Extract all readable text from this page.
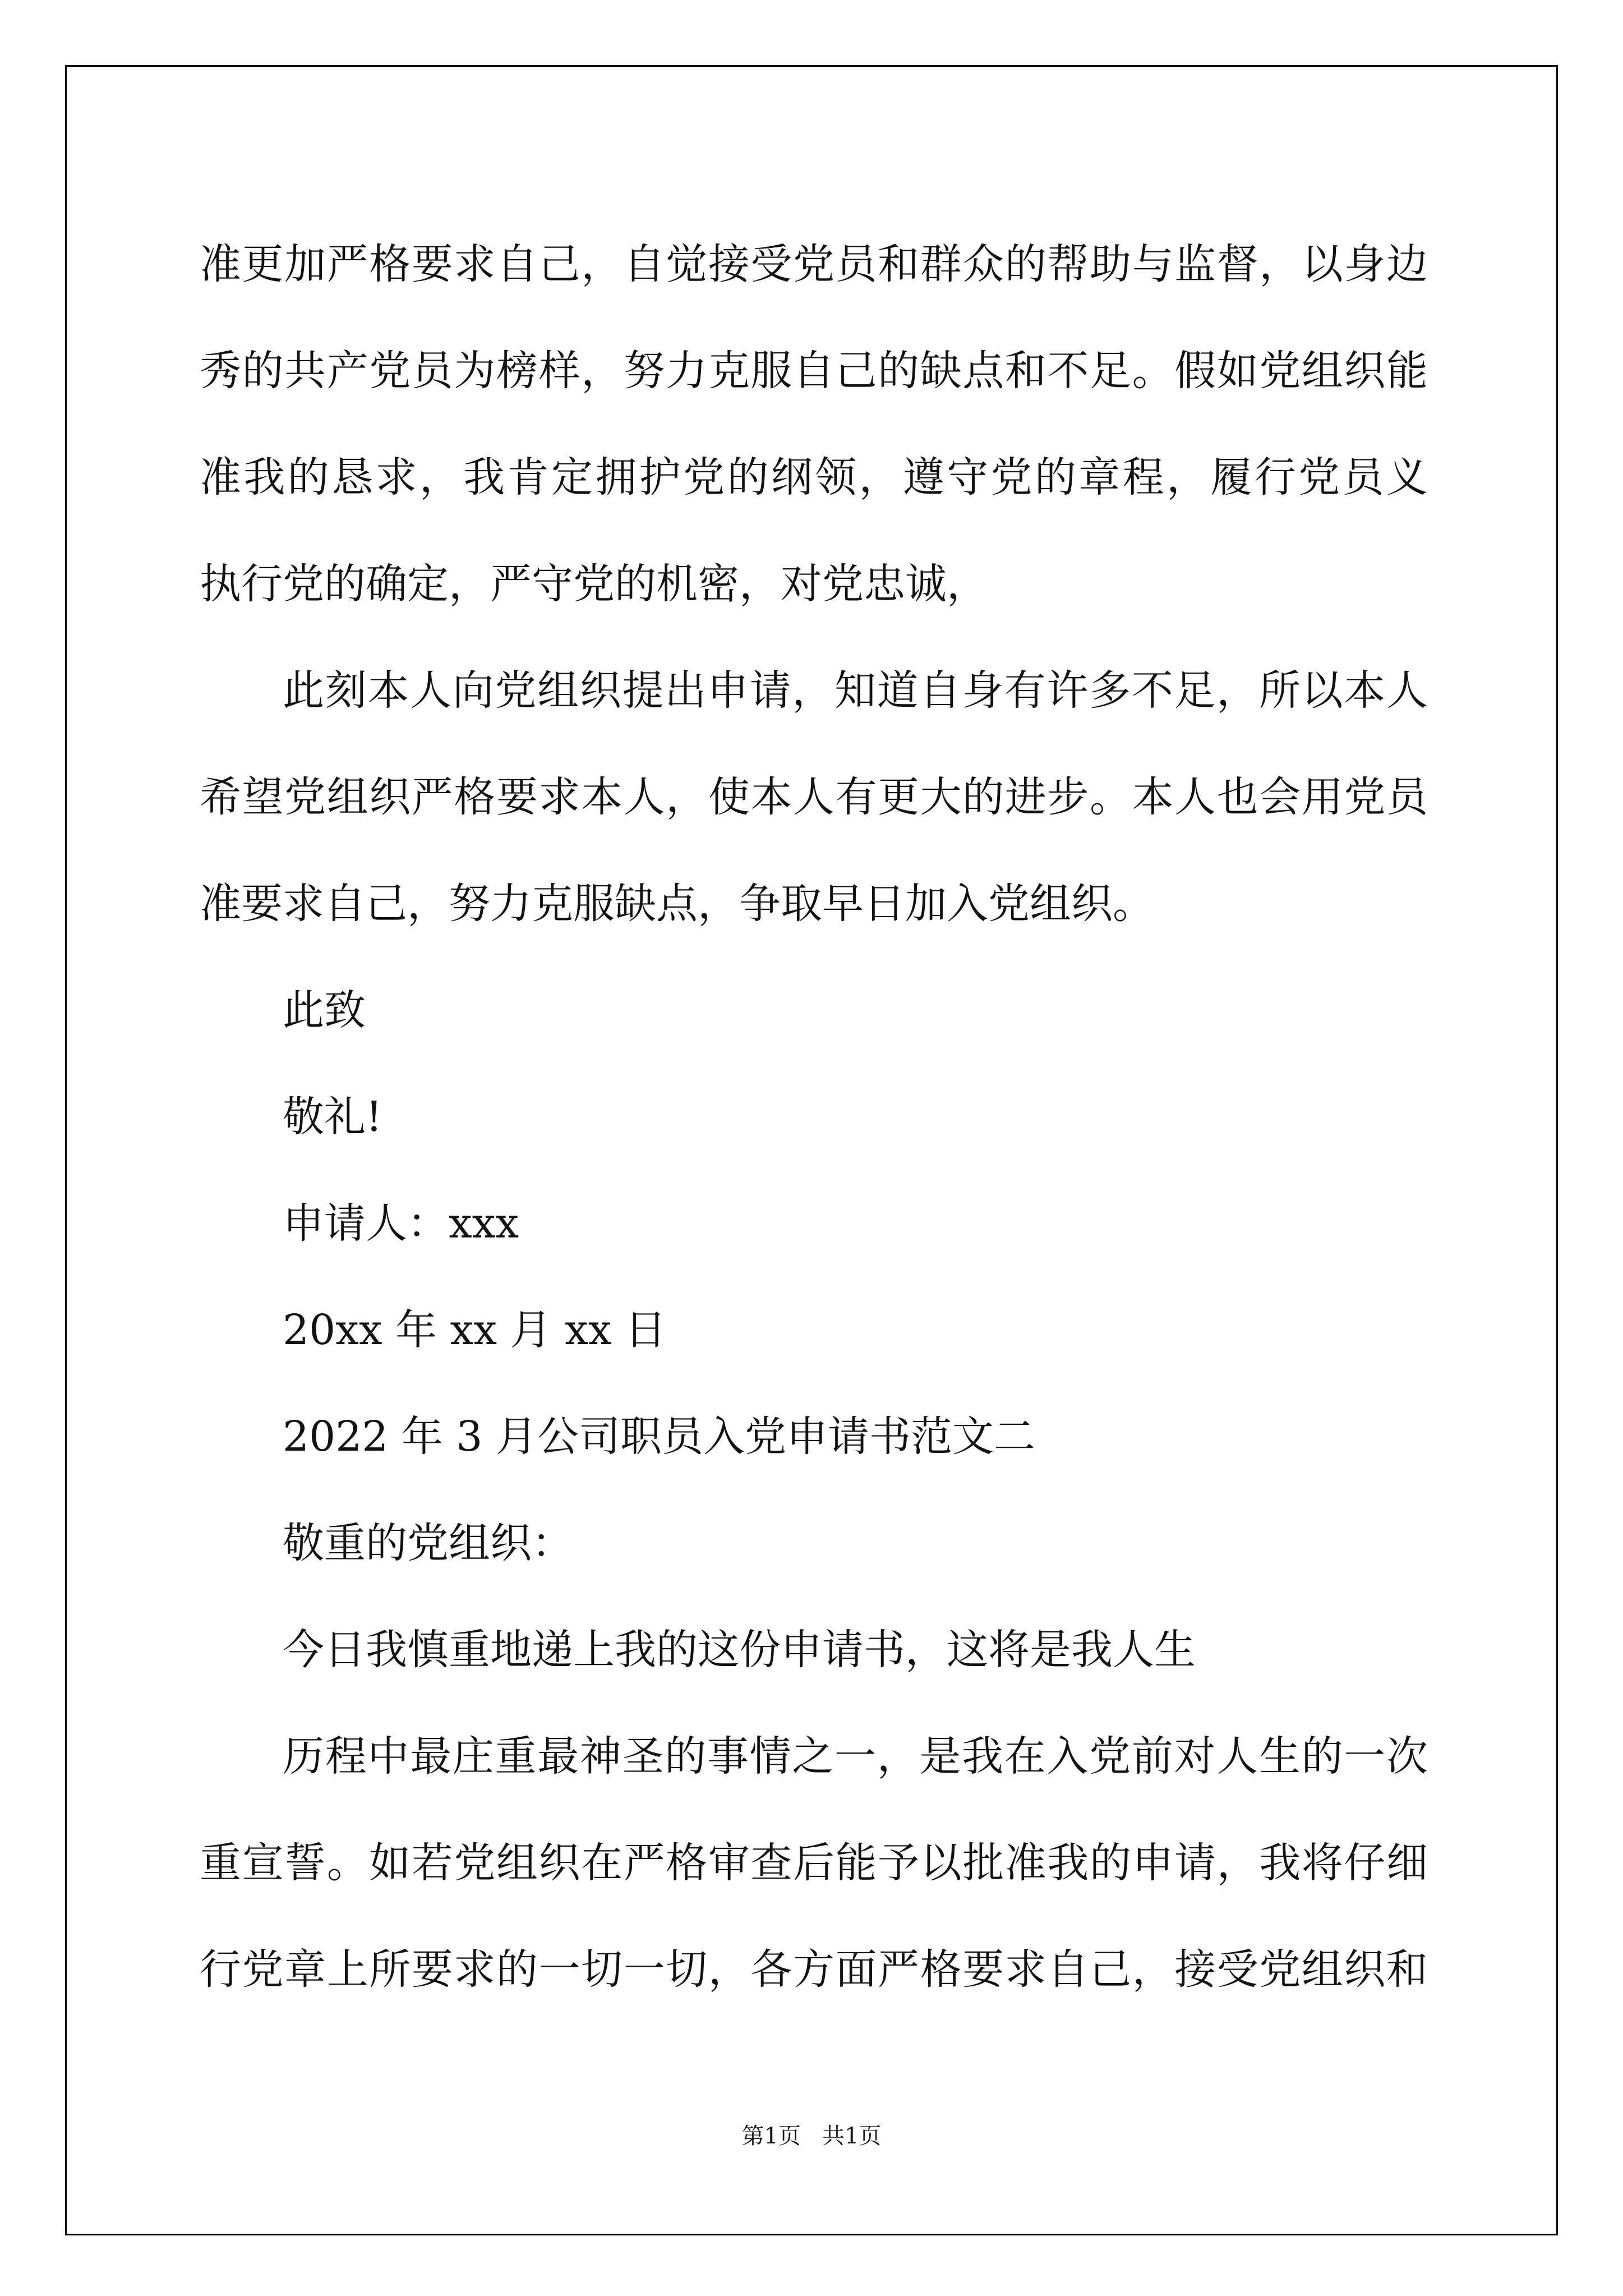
准更加严格要求自己，自觉接受党员和群众的帮助与监督，以身边
秀的共产党员为榜样，努力克服自己的缺点和不足。假如党组织能
准我的恳求，我肯定拥护党的纲领，遵守党的章程，履行党员义
执行党的确定，严守党的机密，对党忠诚，
此刻本人向党组织提出申请，知道自身有许多不足，所以本人
希望党组织严格要求本人，使本人有更大的进步。本人也会用党员
准要求自己，努力克服缺点，争取早日加入党组织。
此致
敬礼!
申请人：xxx
20xx 年 xx 月 xx 日
2022 年 3 月公司职员入党申请书范文二
敬重的党组织：
今日我慎重地递上我的这份申请书，这将是我人生
历程中最庄重最神圣的事情之一，是我在入党前对人生的一次
重宣誓。如若党组织在严格审查后能予以批准我的申请，我将仔细
行党章上所要求的一切一切，各方面严格要求自己，接受党组织和
第1页   共1页
